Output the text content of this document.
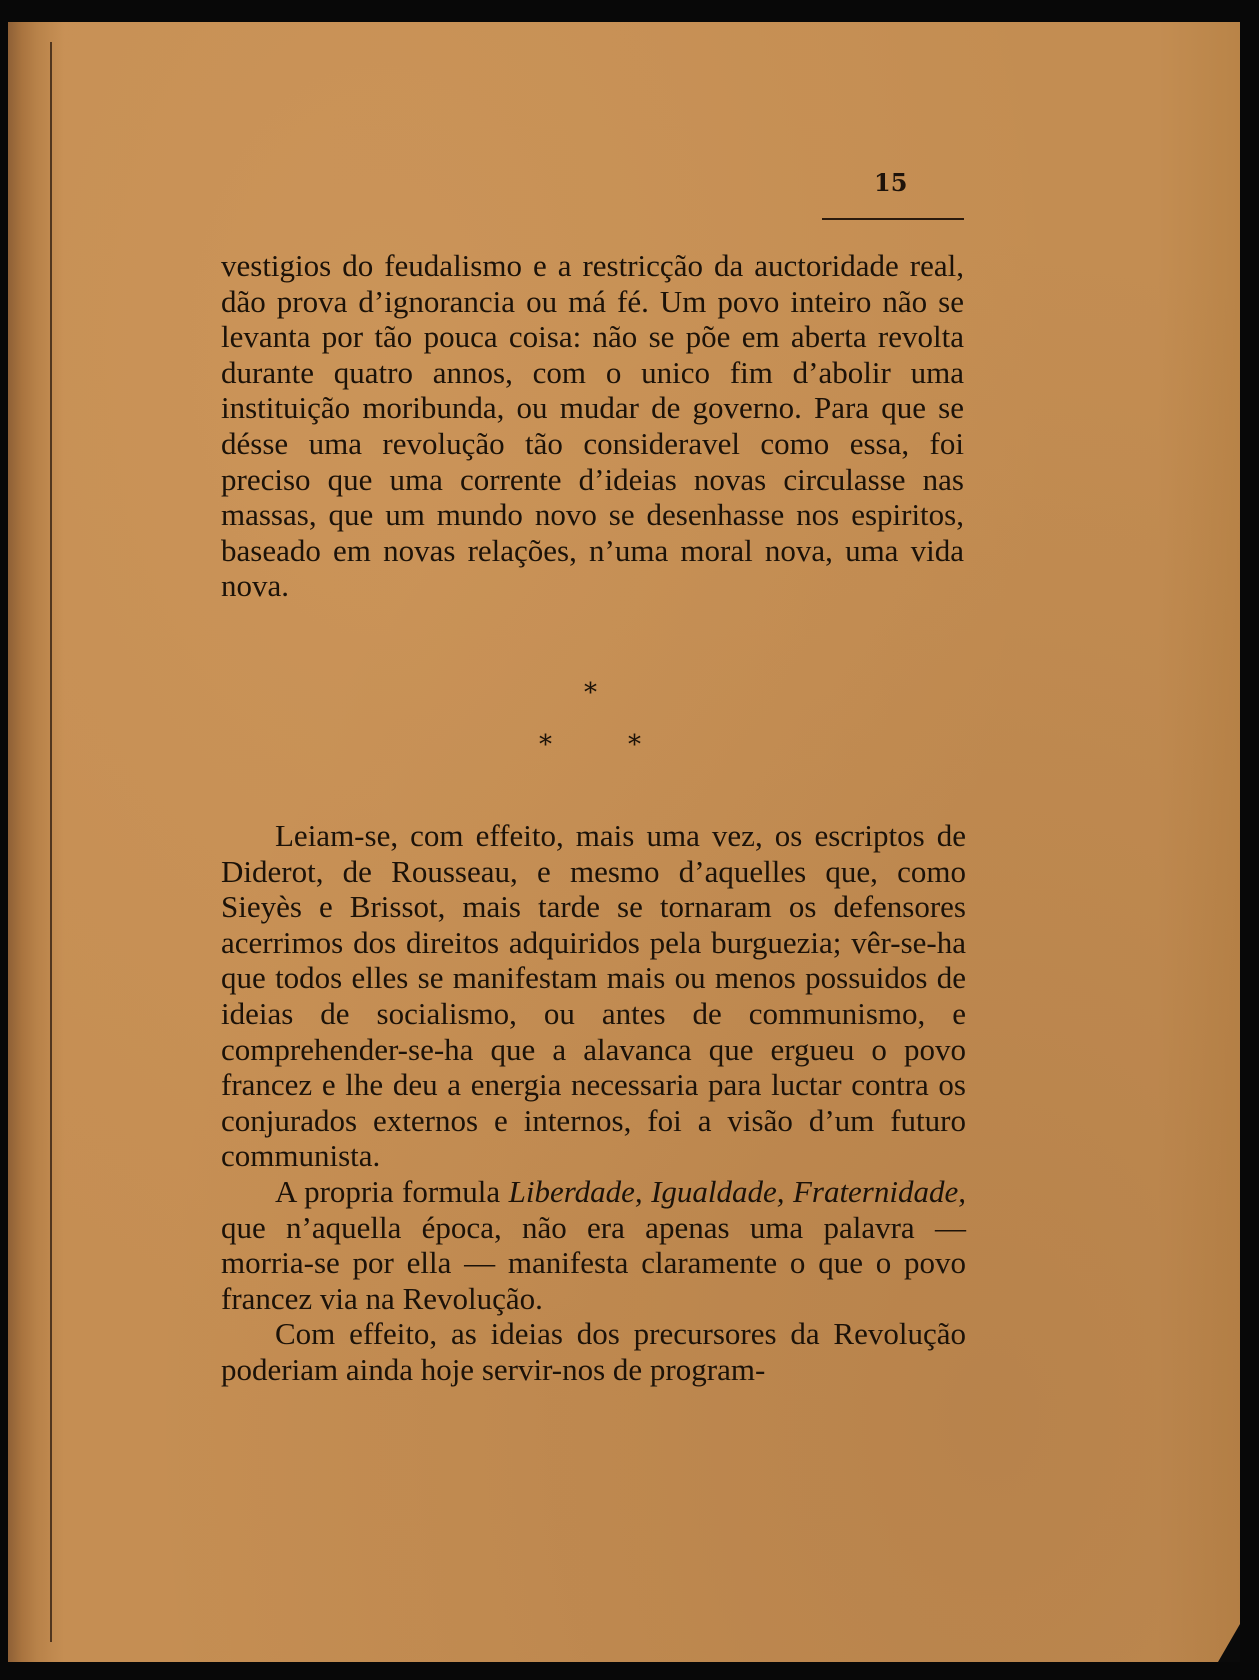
15

vestigios do feudalismo e a restricção da auctoridade real, dão prova d’ignorancia ou má fé. Um povo inteiro não se levanta por tão pouca coisa: não se põe em aberta revolta durante quatro annos, com o unico fim d’abolir uma instituição moribunda, ou mudar de governo. Para que se désse uma revolução tão consideravel como essa, foi preciso que uma corrente d’ideias novas circulasse nas massas, que um mundo novo se desenhasse nos espiritos, baseado em novas relações, n’uma moral nova, uma vida nova.

*
*	*

Leiam-se, com effeito, mais uma vez, os escriptos de Diderot, de Rousseau, e mesmo d’aquelles que, como Sieyès e Brissot, mais tarde se tornaram os defensores acerrimos dos direitos adquiridos pela burguezia; vêr-se-ha que todos elles se manifestam mais ou menos possuidos de ideias de socialismo, ou antes de communismo, e comprehender-se-ha que a alavanca que ergueu o povo francez e lhe deu a energia necessaria para luctar contra os conjurados externos e internos, foi a visão d’um futuro communista.

A propria formula Liberdade, Igualdade, Fraternidade, que n’aquella época, não era apenas uma palavra — morria-se por ella — manifesta claramente o que o povo francez via na Revolução.

Com effeito, as ideias dos precursores da Revolução poderiam ainda hoje servir-nos de program-
